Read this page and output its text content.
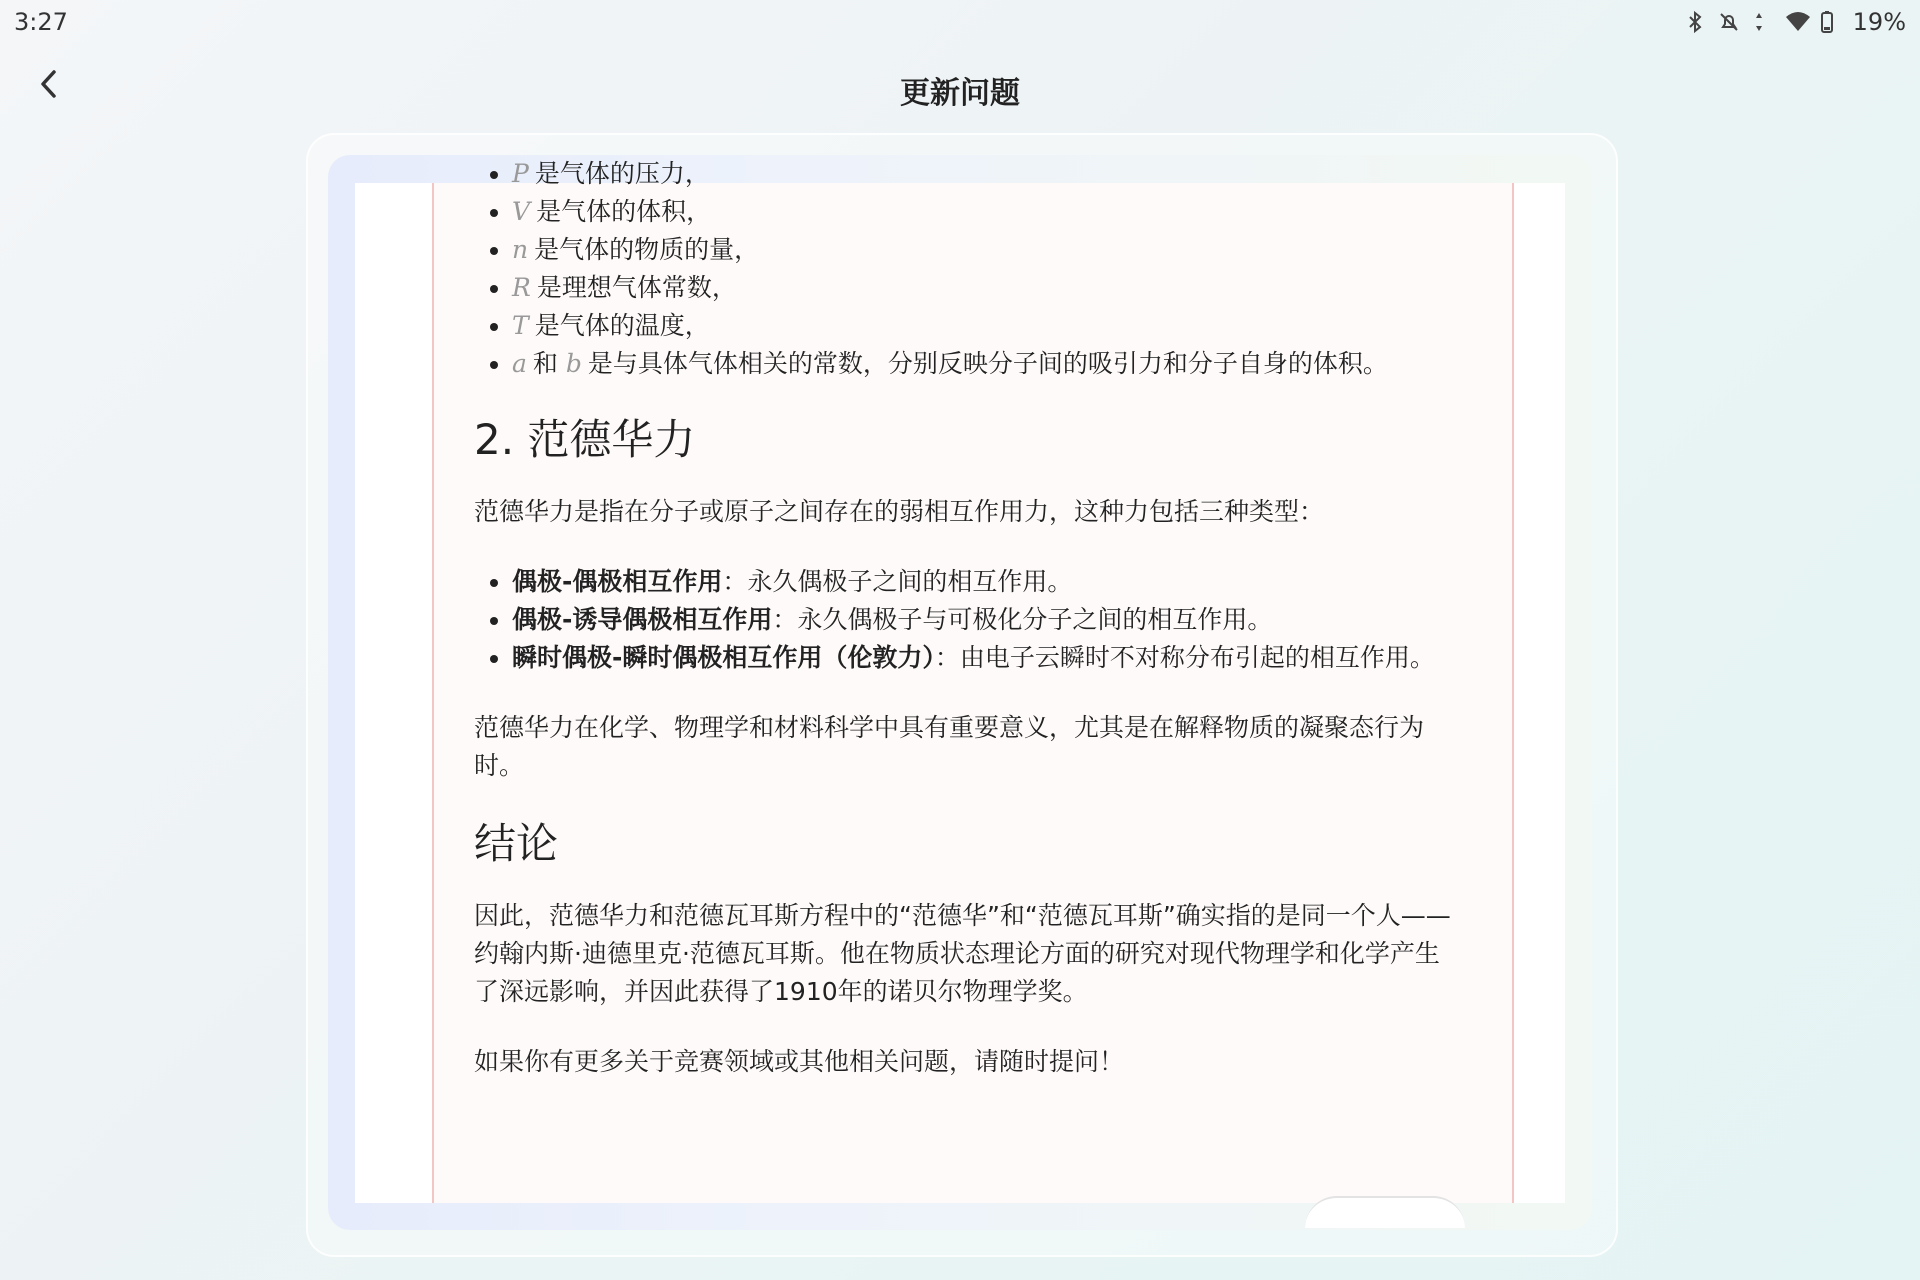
3:27	19%
更新问题
• P 是气体的压力，
• V 是气体的体积，
• n 是气体的物质的量，
• R 是理想气体常数，
• T 是气体的温度，
• a 和 b 是与具体气体相关的常数，分别反映分子间的吸引力和分子自身的体积。
2. 范德华力

范德华力是指在分子或原子之间存在的弱相互作用力，这种力包括三种类型：

• 偶极-偶极相互作用：永久偶极子之间的相互作用。
• 偶极-诱导偶极相互作用：永久偶极子与可极化分子之间的相互作用。
• 瞬时偶极-瞬时偶极相互作用（伦敦力）：由电子云瞬时不对称分布引起的相互作用。

范德华力在化学、物理学和材料科学中具有重要意义，尤其是在解释物质的凝聚态行为时。

结论

因此，范德华力和范德瓦耳斯方程中的“范德华”和“范德瓦耳斯”确实指的是同一个人——约翰内斯·迪德里克·范德瓦耳斯。他在物质状态理论方面的研究对现代物理学和化学产生了深远影响，并因此获得了1910年的诺贝尔物理学奖。

如果你有更多关于竞赛领域或其他相关问题，请随时提问！
